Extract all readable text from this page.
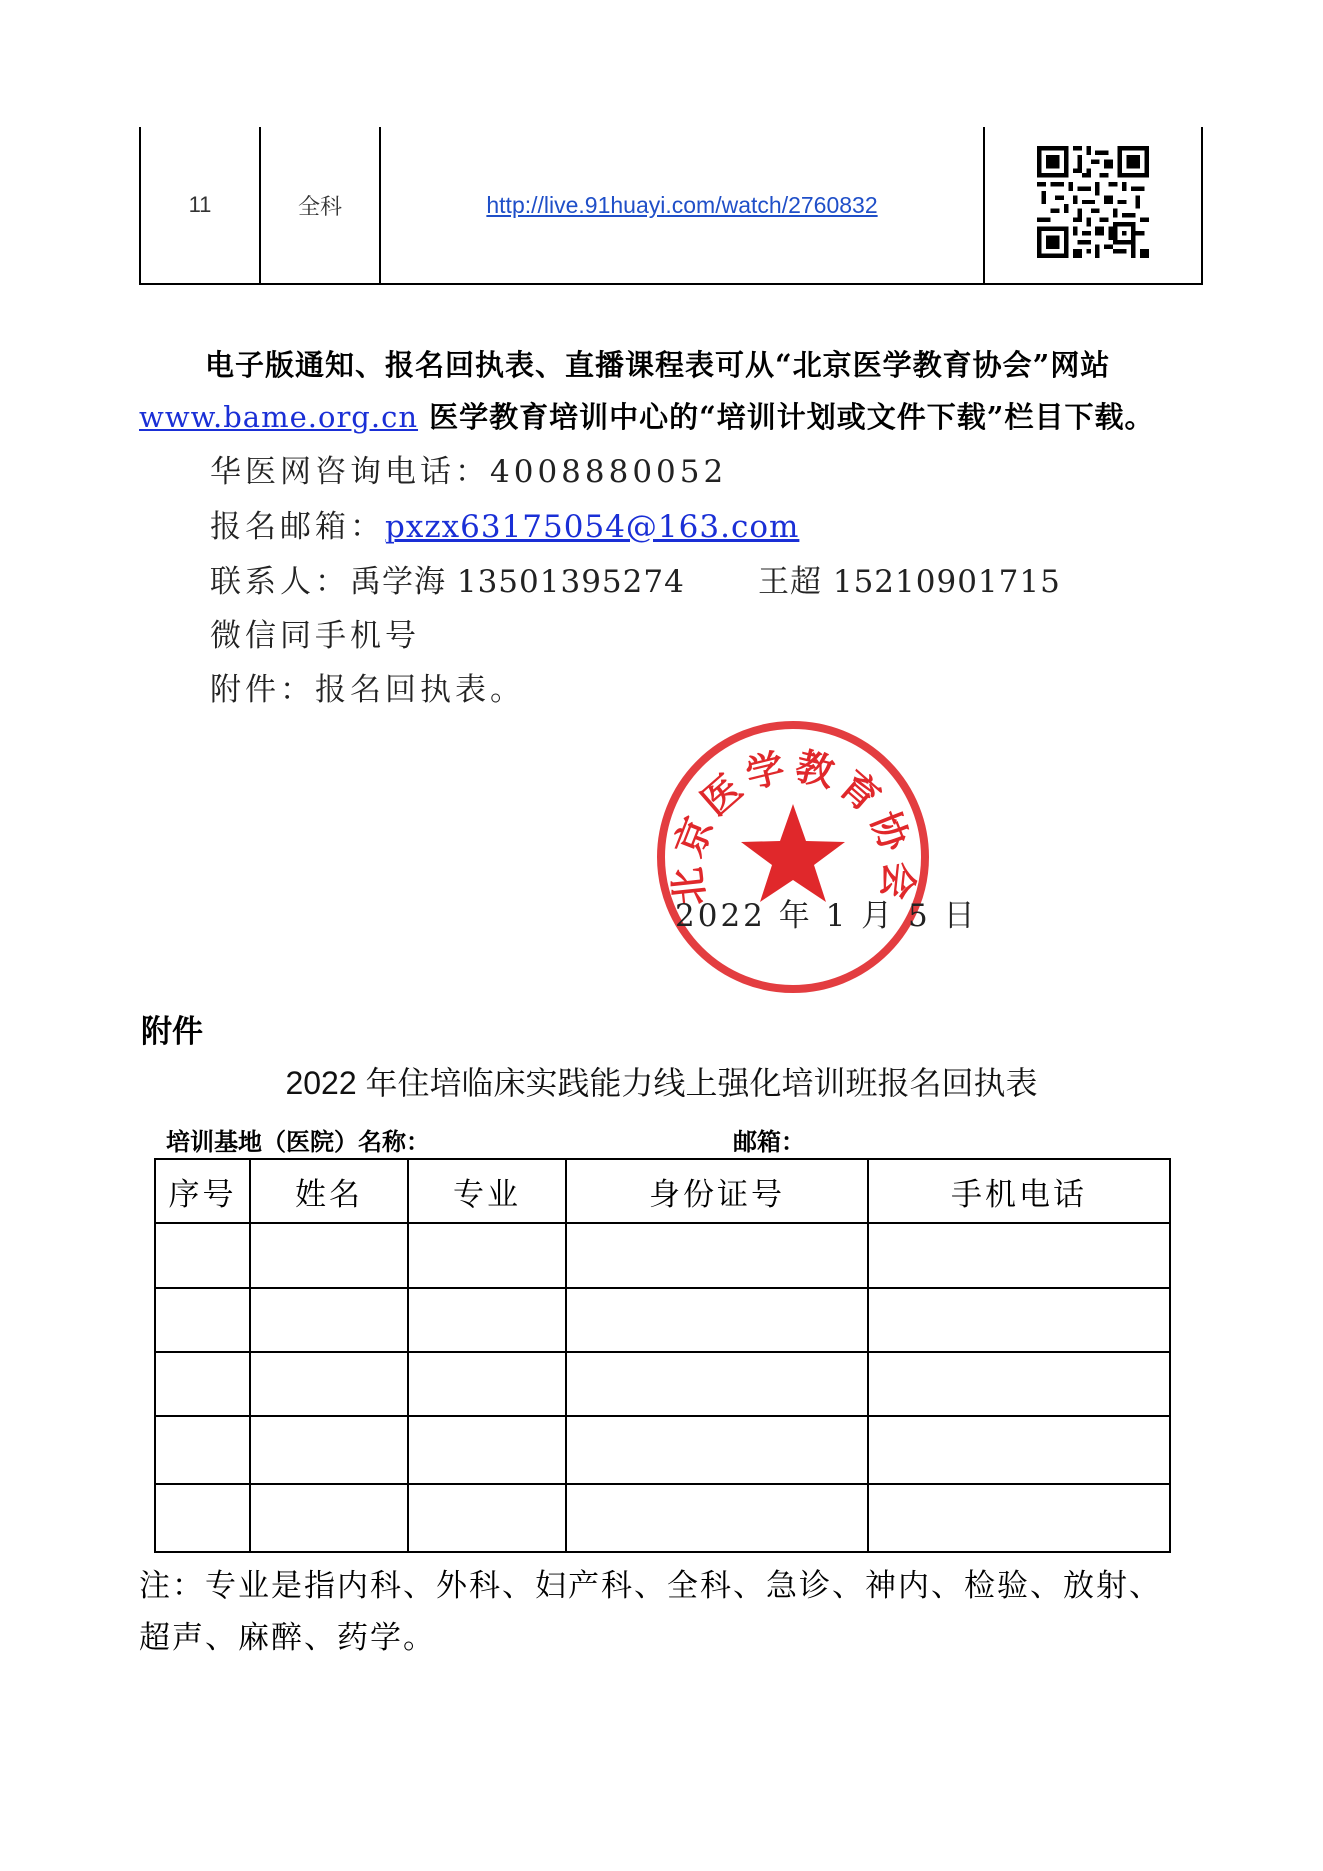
11	全科	http://live.91huayi.com/watch/2760832	
电子版通知、报名回执表、直播课程表可从“北京医学教育协会”网站
www.bame.org.cn 医学教育培训中心的“培训计划或文件下载”栏目下载。
华医网咨询电话：4008880052
报名邮箱：pxzx63175054@163.com
联系人：禹学海 13501395274 王超 15210901715
微信同手机号
附件：报名回执表。
北京医学教育协会
2022 年 1 月 5 日
附件
2022 年住培临床实践能力线上强化培训班报名回执表
培训基地（医院）名称：	邮箱：
序号	姓名	专业	身份证号	手机电话

注：专业是指内科、外科、妇产科、全科、急诊、神内、检验、放射、
超声、麻醉、药学。
